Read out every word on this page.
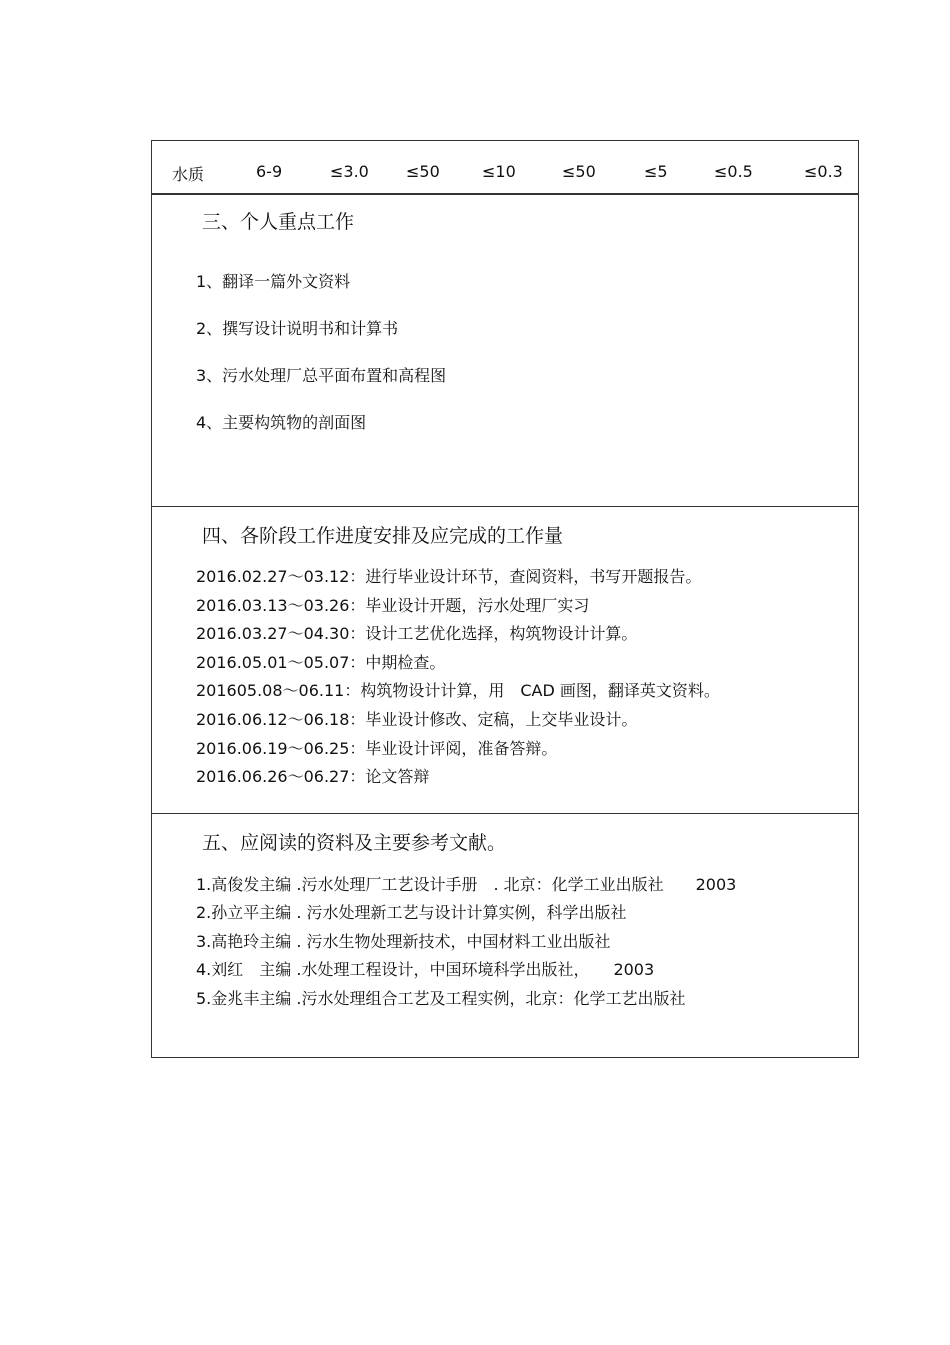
水质	6-9	≤3.0 ≤50	≤10	≤50	≤5	≤0.5	≤0.3
三、个人重点工作
1、翻译一篇外文资料
2、撰写设计说明书和计算书
3、污水处理厂总平面布置和高程图
4、主要构筑物的剖面图
四、各阶段工作进度安排及应完成的工作量
2016.02.27～03.12：进行毕业设计环节，查阅资料，书写开题报告。
2016.03.13～03.26：毕业设计开题，污水处理厂实习
2016.03.27～04.30：设计工艺优化选择，构筑物设计计算。
2016.05.01～05.07：中期检查。
201605.08～06.11：构筑物设计计算，用　CAD 画图，翻译英文资料。
2016.06.12～06.18：毕业设计修改、定稿，上交毕业设计。
2016.06.19～06.25：毕业设计评阅，准备答辩。
2016.06.26～06.27：论文答辩
五、应阅读的资料及主要参考文献。
1.高俊发主编 .污水处理厂工艺设计手册　. 北京：化学工业出版社　　2003
2.孙立平主编 . 污水处理新工艺与设计计算实例，科学出版社
3.高艳玲主编 . 污水生物处理新技术，中国材料工业出版社
4.刘红　主编 .水处理工程设计，中国环境科学出版社，　　2003
5.金兆丰主编 .污水处理组合工艺及工程实例，北京：化学工艺出版社
